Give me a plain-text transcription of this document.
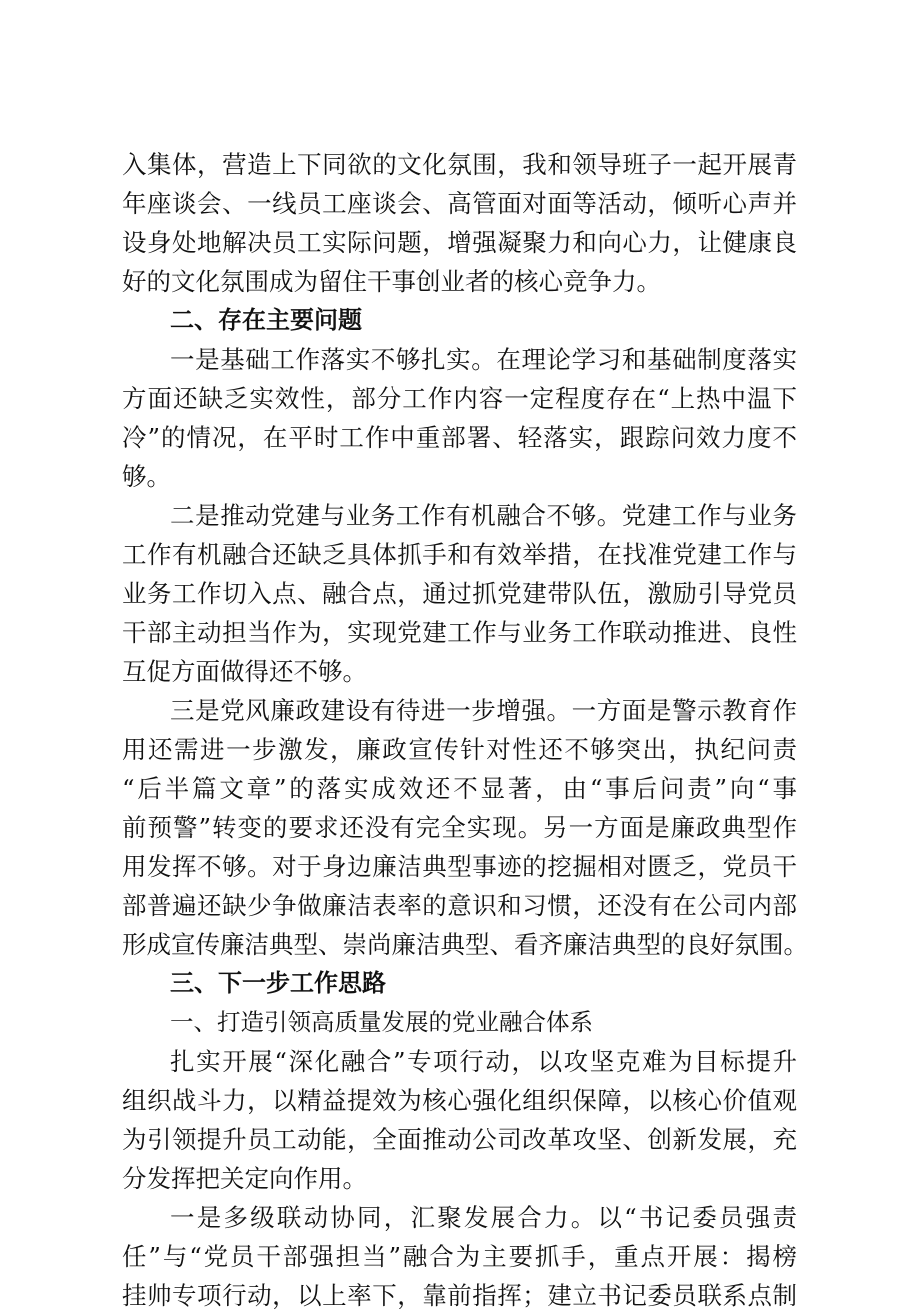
入集体，营造上下同欲的文化氛围，我和领导班子一起开展青
年座谈会、一线员工座谈会、高管面对面等活动，倾听心声并
设身处地解决员工实际问题，增强凝聚力和向心力，让健康良
好的文化氛围成为留住干事创业者的核心竞争力。
二、存在主要问题
一是基础工作落实不够扎实。在理论学习和基础制度落实
方面还缺乏实效性，部分工作内容一定程度存在“上热中温下
冷”的情况，在平时工作中重部署、轻落实，跟踪问效力度不
够。
二是推动党建与业务工作有机融合不够。党建工作与业务
工作有机融合还缺乏具体抓手和有效举措，在找准党建工作与
业务工作切入点、融合点，通过抓党建带队伍，激励引导党员
干部主动担当作为，实现党建工作与业务工作联动推进、良性
互促方面做得还不够。
三是党风廉政建设有待进一步增强。一方面是警示教育作
用还需进一步激发，廉政宣传针对性还不够突出，执纪问责
“后半篇文章”的落实成效还不显著，由“事后问责”向“事
前预警”转变的要求还没有完全实现。另一方面是廉政典型作
用发挥不够。对于身边廉洁典型事迹的挖掘相对匮乏，党员干
部普遍还缺少争做廉洁表率的意识和习惯，还没有在公司内部
形成宣传廉洁典型、崇尚廉洁典型、看齐廉洁典型的良好氛围。
三、下一步工作思路
一、打造引领高质量发展的党业融合体系
扎实开展“深化融合”专项行动，以攻坚克难为目标提升
组织战斗力，以精益提效为核心强化组织保障，以核心价值观
为引领提升员工动能，全面推动公司改革攻坚、创新发展，充
分发挥把关定向作用。
一是多级联动协同，汇聚发展合力。以“书记委员强责
任”与“党员干部强担当”融合为主要抓手，重点开展：揭榜
挂帅专项行动，以上率下，靠前指挥；建立书记委员联系点制
